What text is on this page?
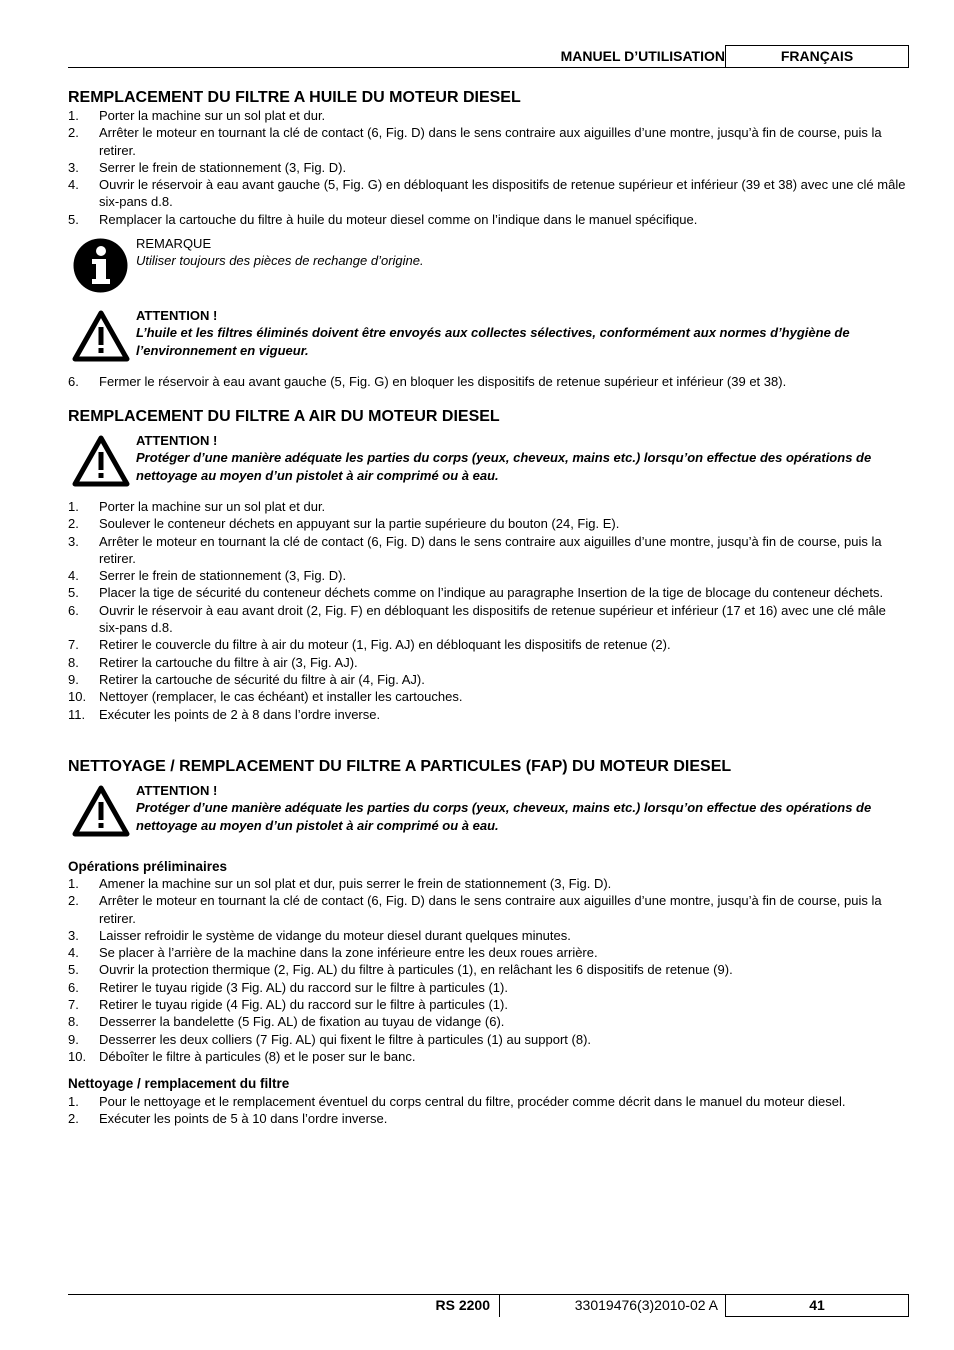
MANUEL D’UTILISATION	FRANÇAIS
REMPLACEMENT DU FILTRE A HUILE DU MOTEUR DIESEL
1. Porter la machine sur un sol plat et dur.
2. Arrêter le moteur en tournant la clé de contact (6, Fig. D) dans le sens contraire aux aiguilles d’une montre, jusqu’à fin de course, puis la retirer.
3. Serrer le frein de stationnement (3, Fig. D).
4. Ouvrir le réservoir à eau avant gauche (5, Fig. G) en débloquant les dispositifs de retenue supérieur et inférieur (39 et 38) avec une clé mâle six-pans d.8.
5. Remplacer la cartouche du filtre à huile du moteur diesel comme on l’indique dans le manuel spécifique.
REMARQUE
Utiliser toujours des pièces de rechange d’origine.
ATTENTION !
L’huile et les filtres éliminés doivent être envoyés aux collectes sélectives, conformément aux normes d’hygiène de l’environnement en vigueur.
6. Fermer le réservoir à eau avant gauche (5, Fig. G) en bloquer les dispositifs de retenue supérieur et inférieur (39 et 38).
REMPLACEMENT DU FILTRE A AIR DU MOTEUR DIESEL
ATTENTION !
Protéger d’une manière adéquate les parties du corps (yeux, cheveux, mains etc.) lorsqu’on effectue des opérations de nettoyage au moyen d’un pistolet à air comprimé ou à eau.
1. Porter la machine sur un sol plat et dur.
2. Soulever le conteneur déchets en appuyant sur la partie supérieure du bouton (24, Fig. E).
3. Arrêter le moteur en tournant la clé de contact (6, Fig. D) dans le sens contraire aux aiguilles d’une montre, jusqu’à fin de course, puis la retirer.
4. Serrer le frein de stationnement (3, Fig. D).
5. Placer la tige de sécurité du conteneur déchets comme on l’indique au paragraphe Insertion de la tige de blocage du conteneur déchets.
6. Ouvrir le réservoir à eau avant droit (2, Fig. F) en débloquant les dispositifs de retenue supérieur et inférieur (17 et 16) avec une clé mâle six-pans d.8.
7. Retirer le couvercle du filtre à air du moteur (1, Fig. AJ) en débloquant les dispositifs de retenue (2).
8. Retirer la cartouche du filtre à air (3, Fig. AJ).
9. Retirer la cartouche de sécurité du filtre à air (4, Fig. AJ).
10. Nettoyer (remplacer, le cas échéant) et installer les cartouches.
11. Exécuter les points de 2 à 8 dans l’ordre inverse.
NETTOYAGE / REMPLACEMENT DU FILTRE A PARTICULES (FAP) DU MOTEUR DIESEL
ATTENTION !
Protéger d’une manière adéquate les parties du corps (yeux, cheveux, mains etc.) lorsqu’on effectue des opérations de nettoyage au moyen d’un pistolet à air comprimé ou à eau.
Opérations préliminaires
1. Amener la machine sur un sol plat et dur, puis serrer le frein de stationnement (3, Fig. D).
2. Arrêter le moteur en tournant la clé de contact (6, Fig. D) dans le sens contraire aux aiguilles d’une montre, jusqu’à fin de course, puis la retirer.
3. Laisser refroidir le système de vidange du moteur diesel durant quelques minutes.
4. Se placer à l’arrière de la machine dans la zone inférieure entre les deux roues arrière.
5. Ouvrir la protection thermique (2, Fig. AL) du filtre à particules (1), en relâchant les 6 dispositifs de retenue (9).
6. Retirer le tuyau rigide (3 Fig. AL) du raccord sur le filtre à particules (1).
7. Retirer le tuyau rigide (4 Fig. AL) du raccord sur le filtre à particules (1).
8. Desserrer la bandelette (5 Fig. AL) de fixation au tuyau de vidange (6).
9. Desserrer les deux colliers (7 Fig. AL) qui fixent le filtre à particules (1) au support (8).
10. Déboîter le filtre à particules (8) et le poser sur le banc.
Nettoyage / remplacement du filtre
1. Pour le nettoyage et le remplacement éventuel du corps central du filtre, procéder comme décrit dans le manuel du moteur diesel.
2. Exécuter les points de 5 à 10 dans l’ordre inverse.
RS 2200	33019476(3)2010-02 A	41
